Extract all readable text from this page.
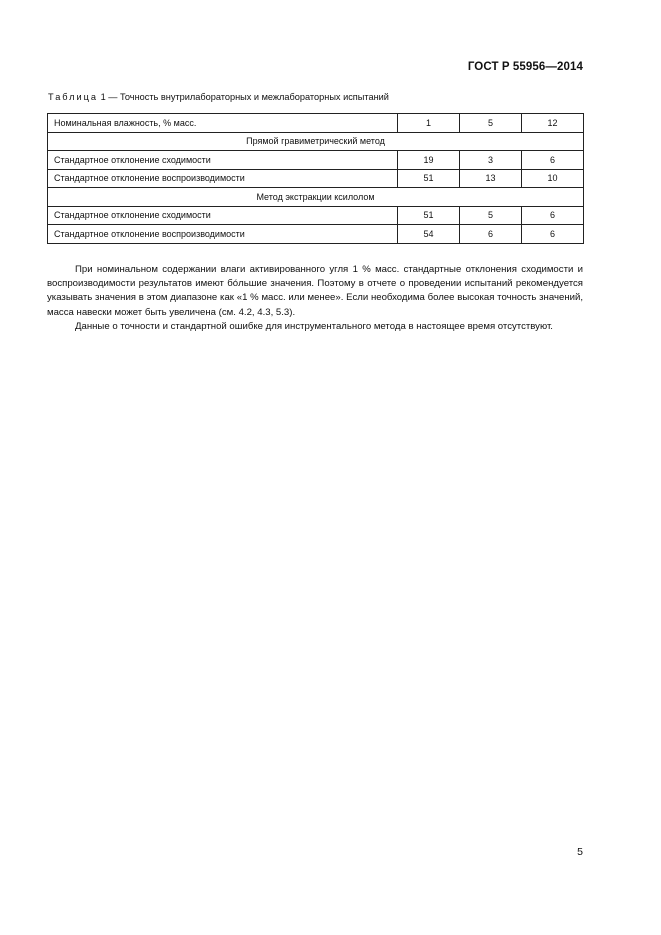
ГОСТ Р 55956—2014
Таблица 1 — Точность внутрилабораторных и межлабораторных испытаний
Номинальная влажность, % масс.	1	5	12
Прямой гравиметрический метод			
Стандартное отклонение сходимости	19	3	6
Стандартное отклонение воспроизводимости	51	13	10
Метод экстракции ксилолом			
Стандартное отклонение сходимости	51	5	6
Стандартное отклонение воспроизводимости	54	6	6

При номинальном содержании влаги активированного угля 1 % масс. стандартные отклонения сходимости и воспроизводимости результатов имеют бóльшие значения. Поэтому в отчете о проведении испытаний рекомендуется указывать значения в этом диапазоне как «1 % масс. или менее». Если необходима более высокая точность значений, масса навески может быть увеличена (см. 4.2, 4.3, 5.3).

Данные о точности и стандартной ошибке для инструментального метода в настоящее время отсутствуют.

5
